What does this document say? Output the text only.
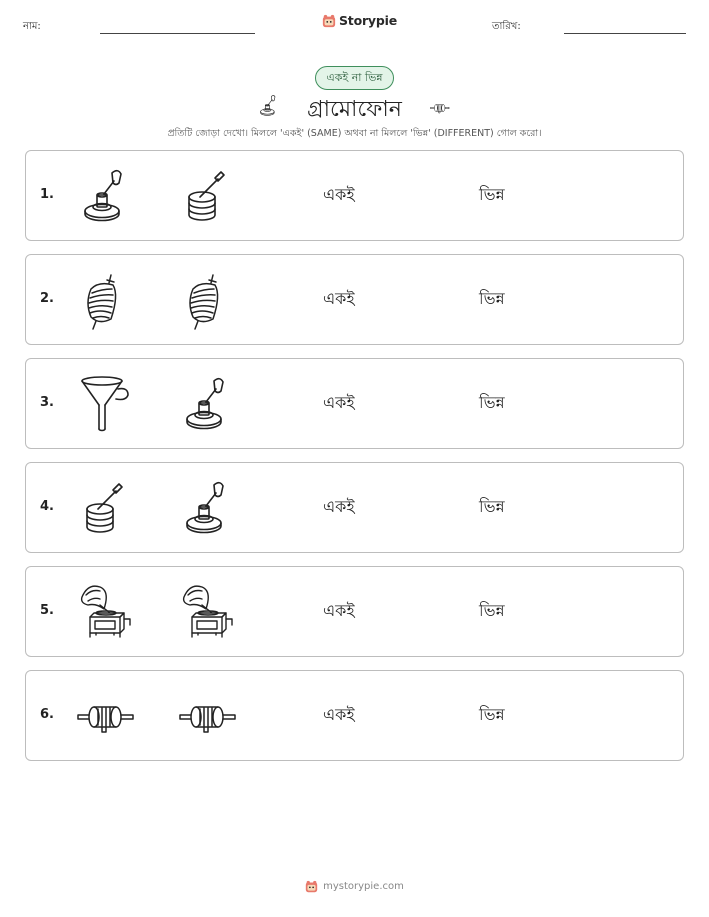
নাম:	Storypie	তারিখ:
একই না ভিন্ন
গ্রামোফোন
প্রতিটি জোড়া দেখো। মিললে 'একই' (SAME) অথবা না মিললে 'ভিন্ন' (DIFFERENT) গোল করো।
1.	একই	ভিন্ন
2.	একই	ভিন্ন
3.	একই	ভিন্ন
4.	একই	ভিন্ন
5.	একই	ভিন্ন
6.	একই	ভিন্ন
mystorypie.com
